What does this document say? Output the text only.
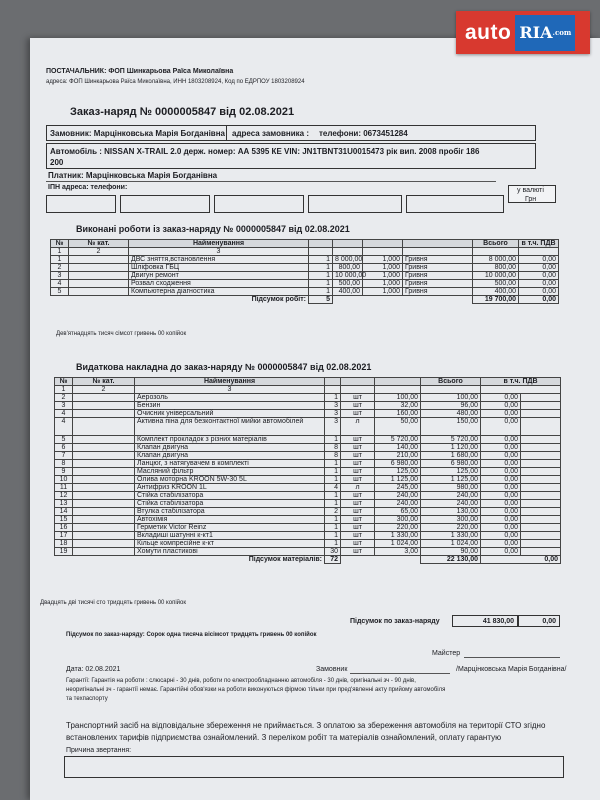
ПОСТАЧАЛЬНИК: ФОП Шинкарьова Раїса Миколаївна
адреса: ФОП Шинкарьова Раїса Миколаївна, ИНН 1803208924, Код по ЕДРПОУ 1803208924
Заказ-наряд № 0000005847 від 02.08.2021
Замовник: Марцінковська Марія Богданівна адреса замовника : телефони: 0673451284
Автомобіль : NISSAN X-TRAIL 2.0 держ. номер: АА 5395 КЕ VIN: JN1TBNT31U0015473 рік вип. 2008 пробіг 186
200
Платник: Марцінковська Марія Богданівна
ІПН адреса: телефони:	у валюті
Грн
Виконані роботи із заказ-наряду № 0000005847 від 02.08.2021
№	№ кат.	Найменування					Всього	в т.ч. ПДВ
1	2	3						
1		ДВС зняття,встановлення	1	8 000,00	1,000	Гривня	8 000,00	0,00
2		Шліфовка ГБЦ	1	800,00	1,000	Гривня	800,00	0,00
3		Двигун ремонт	1	10 000,00	1,000	Гривня	10 000,00	0,00
4		Розвал сходження	1	500,00	1,000	Гривня	500,00	0,00
5		Компьютерна діагностика	1	400,00	1,000	Гривня	400,00	0,00
Підсумок робіт:			5				19 700,00	0,00
Дев'ятнадцять тисяч сімсот гривень 00 копійок
Видаткова накладна до заказ-наряду № 0000005847 від 02.08.2021
№	№ кат.	Найменування				Всього	в т.ч. ПДВ	
1	2	3						
2		Аерозоль	1	шт	100,00	100,00	0,00	
3		Бензин	3	шт	32,00	96,00	0,00	
4		Очисник універсальний	3	шт	160,00	480,00	0,00	
4		Активна піна для безконтактної мийки автомобілей	3	л	50,00	150,00	0,00	
5		Комплект прокладок з різних матеріалів	1	шт	5 720,00	5 720,00	0,00	
6		Клапан двигуна	8	шт	140,00	1 120,00	0,00	
7		Клапан двигуна	8	шт	210,00	1 680,00	0,00	
8		Ланцюг, з натягувачем в комплекті	1	шт	6 980,00	6 980,00	0,00	
9		Масляний фільтр	1	шт	125,00	125,00	0,00	
10		Олива моторна KROON 5W-30 5L	1	шт	1 125,00	1 125,00	0,00	
11		Антифриз KROON 1L	4	л	245,00	980,00	0,00	
12		Стійка стабілізатора	1	шт	240,00	240,00	0,00	
13		Стійка стабілізатора	1	шт	240,00	240,00	0,00	
14		Втулка стабілізатора	2	шт	65,00	130,00	0,00	
15		Автохімія	1	шт	300,00	300,00	0,00	
16		Герметик Victor Reinz	1	шт	220,00	220,00	0,00	
17		Вкладиші шатунні к-кт1	1	шт	1 330,00	1 330,00	0,00	
18		Кільце компресійне к-кт	1	шт	1 024,00	1 024,00	0,00	
19		Хомути пластикові	30	шт	3,00	90,00	0,00	
Підсумок матеріалів:			72			22 130,00	0,00	
Двадцять дві тисячі сто тридцять гривень 00 копійок
Підсумок по заказ-наряду	41 830,00	0,00
Підсумок по заказ-наряду: Сорок одна тисяча вісімсот тридцять гривень 00 копійок
Майстер
Дата: 02.08.2021	Замовник	/Марцінковська Марія Богданівна/
Гарантії: Гарантія на роботи : слюсарні - 30 днів, роботи по електрообладнанню автомобіля - 30 днів, оригінальні зч - 90 днів,
неоригінальні зч - гарантії немає. Гарантійні обов'язки на роботи виконуються фірмою тільки при пред'явленні акту прийому автомобіля
та техпаспорту
Транспортний засіб на відповідальне збереження не приймається. З оплатою за збереження автомобіля на території СТО згідно
встановлених тарифів підприємства ознайомлений. З переліком робіт та матеріалів ознайомлений, оплату гарантую
Причина звертання:
auto RIA .com
